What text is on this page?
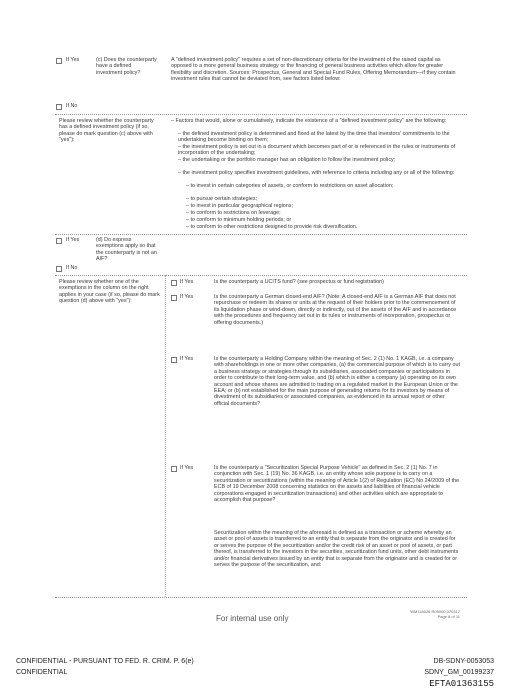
If Yes	(c) Does the counterparty have a defined investment policy?
A "defined investment policy" requires a set of non-discretionary criteria for the investment of the raised capital as opposed to a more general business strategy or the financing of general business activities which allow for greater flexibility and discretion. Sources: Prospectus, General and Special Fund Rules, Offering Memorandum—if they contain investment rules that cannot be deviated from, see factors listed below:
If No
Please review whether the counterparty has a defined investment policy (if so, please do mark question (c) above with "yes"):
– Factors that would, alone or cumulatively, indicate the existence of a "defined investment policy" are the following:
– the defined investment policy is determined and fixed at the latest by the time that investors' commitments to the undertaking become binding on them;
– the investment policy is set out in a document which becomes part of or is referenced in the rules or instruments of incorporation of the undertaking;
– the undertaking or the portfolio manager has an obligation to follow the investment policy;
– the investment policy specifies investment guidelines, with reference to criteria including any or all of the following:
– to invest in certain categories of assets, or conform to restrictions on asset allocation;
– to pursue certain strategies;
– to invest in particular geographical regions;
– to conform to restrictions on leverage;
– to conform to minimum holding periods; or
– to conform to other restrictions designed to provide risk diversification.
If Yes	(d) Do express exemptions apply so that the counterparty is not an AIF?
If No
Please review whether one of the exemptions in the column on the right applies in your case (if so, please do mark question (d) above with "yes"):
If Yes	Is the counterparty a UCITS fund? (see prospectus or fund registration)
If Yes	Is the counterparty a German closed-end AIF? (Note: A closed-end AIF is a German AIF that does not repurchase or redeem its shares or units at the request of their holders prior to the commencement of its liquidation phase or wind-down, directly or indirectly, out of the assets of the AIF and in accordance with the procedures and frequency set out in its rules or instruments of incorporation, prospectus or offering documents.)
If Yes	Is the counterparty a Holding Company within the meaning of Sec. 2 (1) No. 1 KAGB, i.e. a company with shareholdings in one or more other companies, (a) the commercial purpose of which is to carry out a business strategy or strategies through its subsidiaries, associated companies or participations in order to contribute to their long-term value, and (b) which is either a company (a) operating on its own account and whose shares are admitted to trading on a regulated market in the European Union or the EEA; or (b) not established for the main purpose of generating returns for its investors by means of divestment of its subsidiaries or associated companies, as evidenced in its annual report or other official documents?
If Yes	Is the counterparty a "Securitization Special Purpose Vehicle" as defined in Sec. 2 (1) No. 7 in conjunction with Sec. 1 (19) No. 36 KAGB, i.e. an entity whose sole purpose is to carry on a securitization or securitizations (within the meaning of Article 1(2) of Regulation (EC) No 24/2009 of the ECB of 19 December 2008 concerning statistics on the assets and liabilities of financial vehicle corporations engaged in securitization transactions) and other activities which are appropriate to accomplish that purpose?
Securitization within the meaning of the aforesaid is defined as a transaction or scheme whereby an asset or pool of assets is transferred to an entity that is separate from the originator and is created for or serves the purpose of the securitization and/or the credit risk of an asset or pool of assets, or part thereof, is transferred to the investors in the securities, securitization fund units, other debt instruments and/or financial derivatives issued by an entity that is separate from the originator and is created for or serves the purpose of the securitization, and:
For internal use only
WM118026 R05000.070317
Page 8 of 11
CONFIDENTIAL - PURSUANT TO FED. R. CRIM. P. 6(e)
CONFIDENTIAL
DB-SDNY-0053053
SDNY_GM_00199237
EFTA01363155
